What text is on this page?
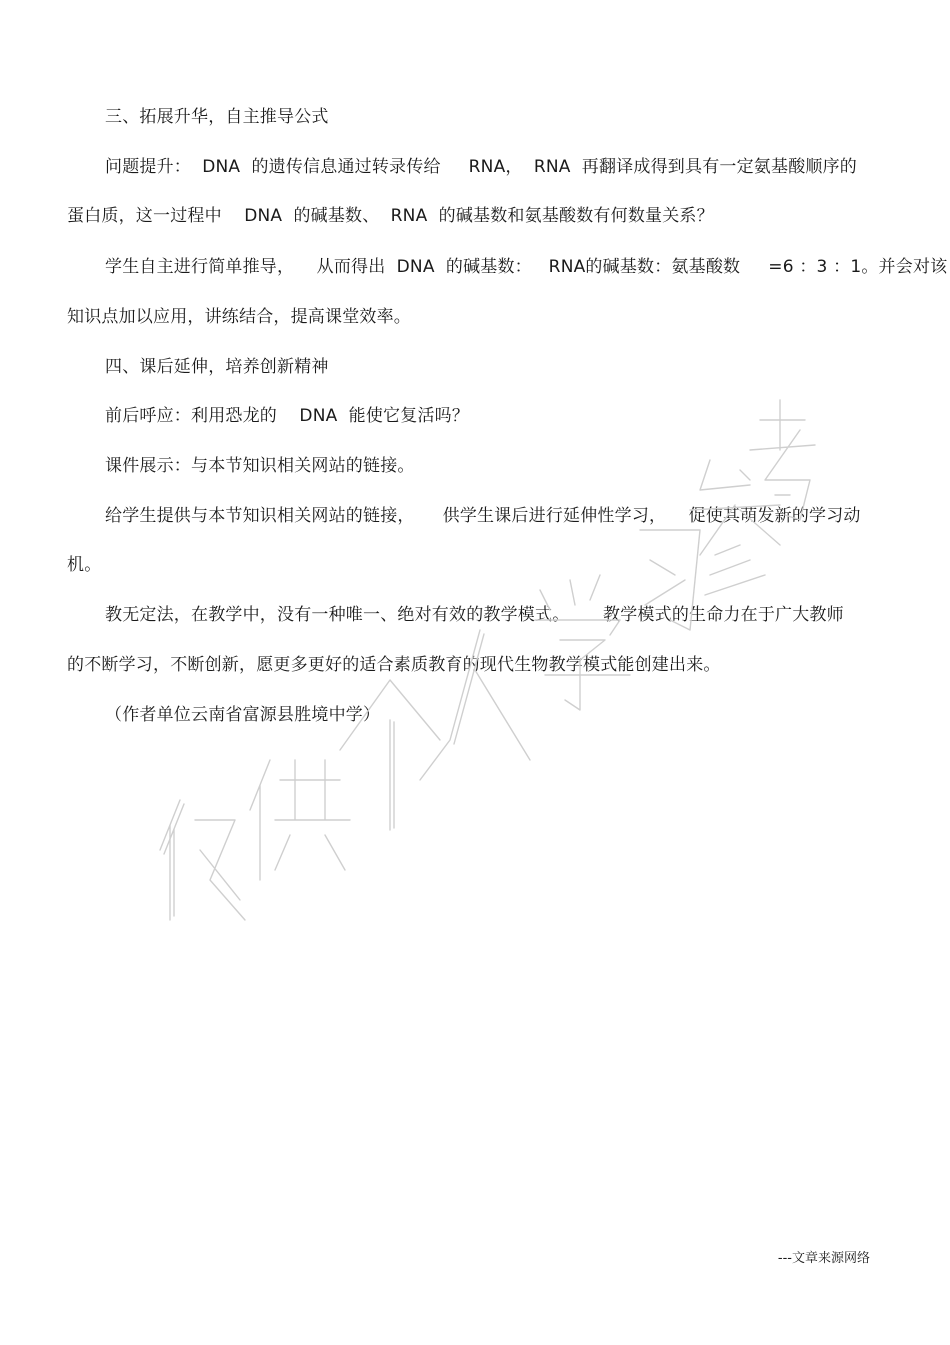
三、拓展升华，自主推导公式
问题提升：  DNA  的遗传信息通过转录传给     RNA，  RNA  再翻译成得到具有一定氨基酸顺序的
蛋白质，这一过程中    DNA  的碱基数、  RNA  的碱基数和氨基酸数有何数量关系？
学生自主进行简单推导，    从而得出  DNA  的碱基数：   RNA的碱基数：氨基酸数     =6 ：3 ：1。并会对该
知识点加以应用，讲练结合，提高课堂效率。
四、课后延伸，培养创新精神
前后呼应：利用恐龙的    DNA  能使它复活吗？
课件展示：与本节知识相关网站的链接。
给学生提供与本节知识相关网站的链接，     供学生课后进行延伸性学习，    促使其萌发新的学习动
机。
教无定法，在教学中，没有一种唯一、绝对有效的教学模式。      教学模式的生命力在于广大教师
的不断学习，不断创新，愿更多更好的适合素质教育的现代生物教学模式能创建出来。
（作者单位云南省富源县胜境中学）
---文章来源网络
